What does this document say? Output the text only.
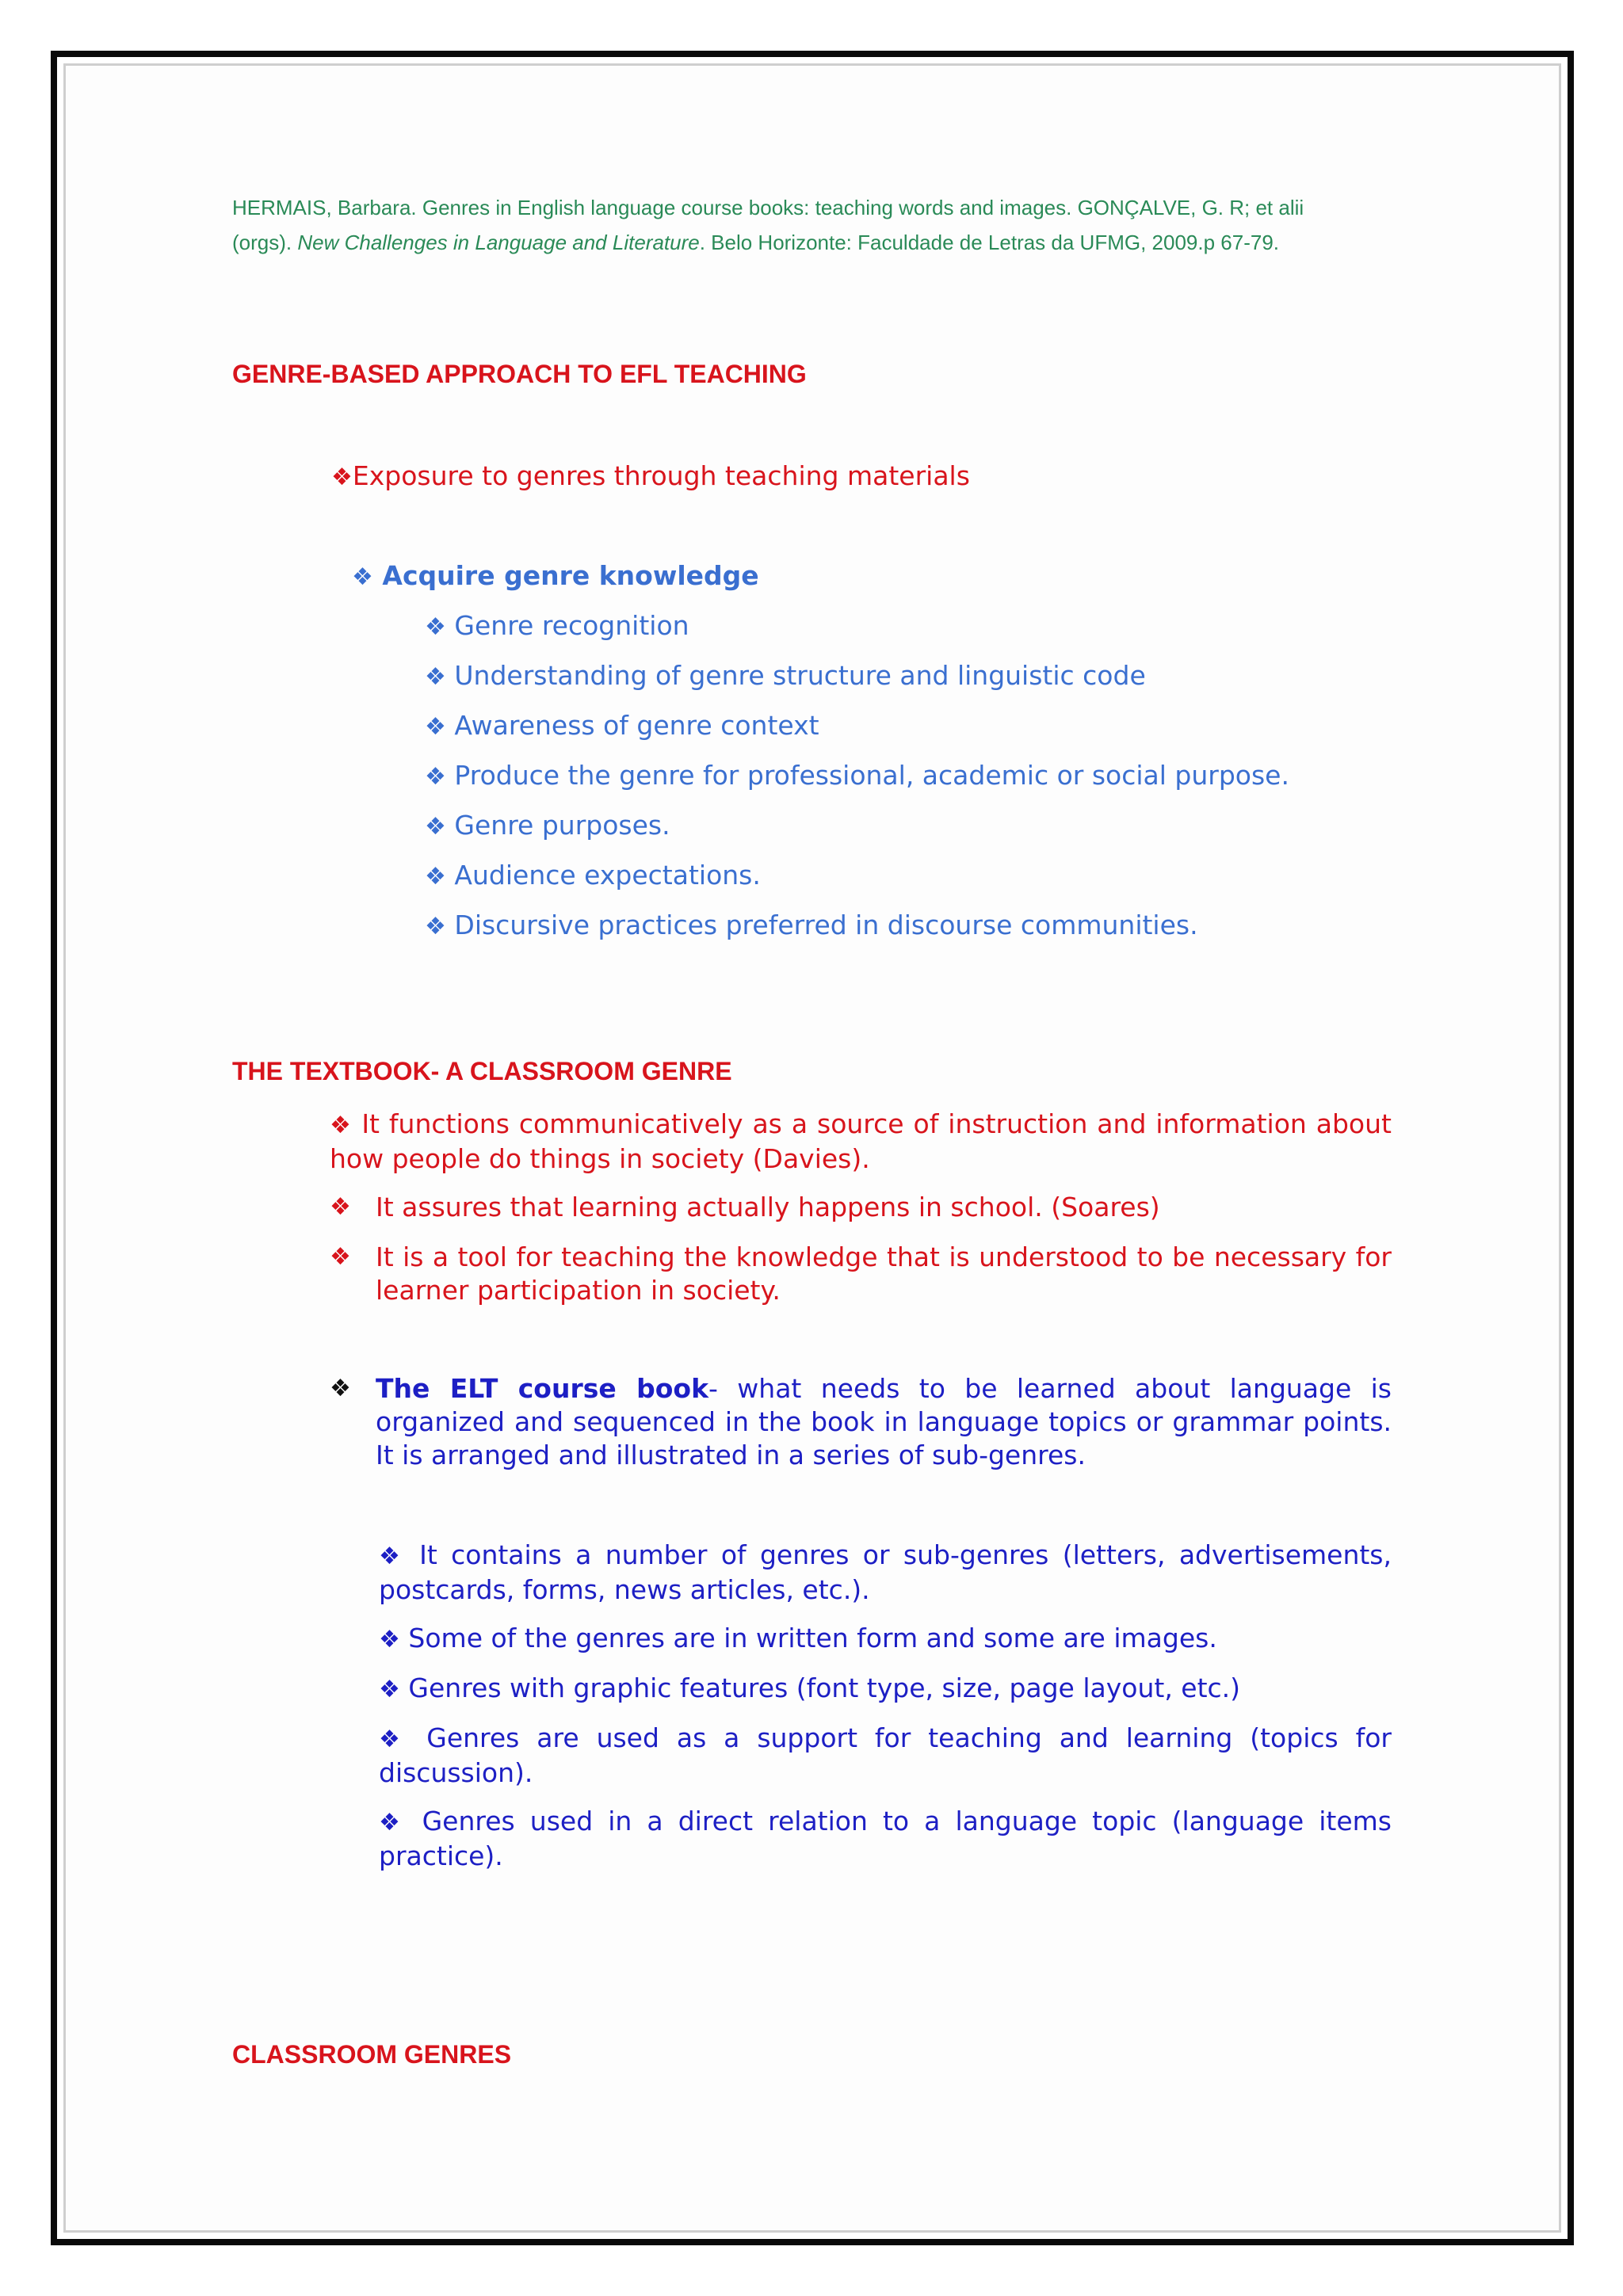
HERMAIS, Barbara. Genres in English language course books: teaching words and images. GONÇALVE, G. R; et alii
(orgs). New Challenges in Language and Literature. Belo Horizonte: Faculdade de Letras da UFMG, 2009.p 67-79.
GENRE-BASED APPROACH TO EFL TEACHING
❖Exposure to genres through teaching materials
❖ Acquire genre knowledge
❖ Genre recognition
❖ Understanding of genre structure and linguistic code
❖ Awareness of genre context
❖ Produce the genre for professional, academic or social purpose.
❖ Genre purposes.
❖ Audience expectations.
❖ Discursive practices preferred in discourse communities.
THE TEXTBOOK- A CLASSROOM GENRE
❖ It functions communicatively as a source of instruction and information about how people do things in society (Davies).
❖ It assures that learning actually happens in school. (Soares)
❖ It is a tool for teaching the knowledge that is understood to be necessary for learner participation in society.
❖ The ELT course book- what needs to be learned about language is organized and sequenced in the book in language topics or grammar points. It is arranged and illustrated in a series of sub-genres.
❖ It contains a number of genres or sub-genres (letters, advertisements, postcards, forms, news articles, etc.).
❖ Some of the genres are in written form and some are images.
❖ Genres with graphic features (font type, size, page layout, etc.)
❖ Genres are used as a support for teaching and learning (topics for discussion).
❖ Genres used in a direct relation to a language topic (language items practice).
CLASSROOM GENRES
